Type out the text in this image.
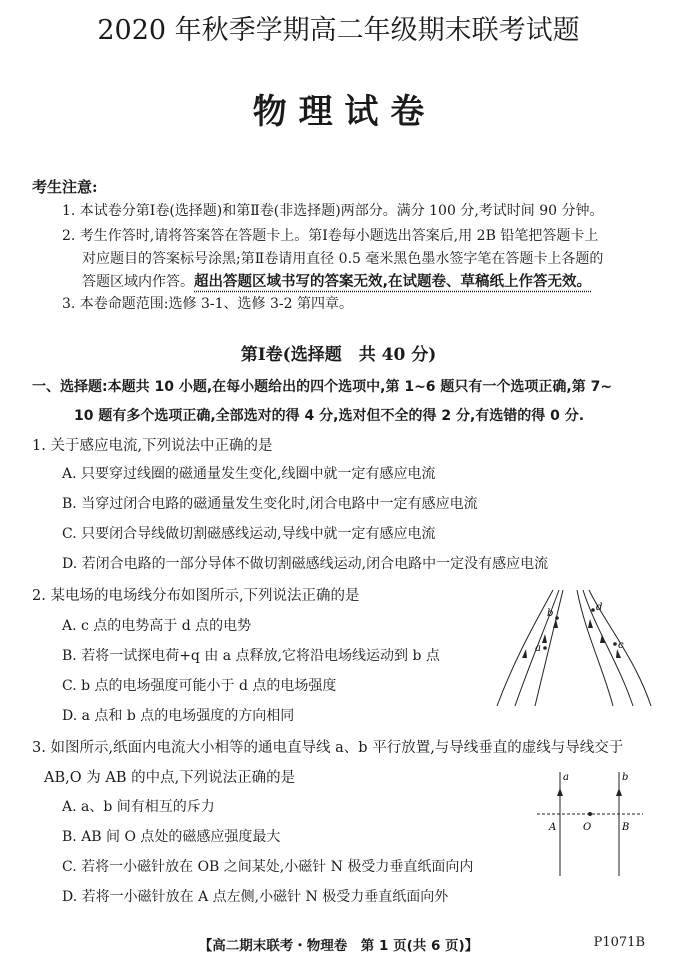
2020 年秋季学期高二年级期末联考试题
物 理 试 卷
考生注意:
1. 本试卷分第Ⅰ卷(选择题)和第Ⅱ卷(非选择题)两部分。满分 100 分,考试时间 90 分钟。
2. 考生作答时,请将答案答在答题卡上。第Ⅰ卷每小题选出答案后,用 2B 铅笔把答题卡上
对应题目的答案标号涂黑;第Ⅱ卷请用直径 0.5 毫米黑色墨水签字笔在答题卡上各题的
答题区域内作答。超出答题区域书写的答案无效,在试题卷、草稿纸上作答无效。
3. 本卷命题范围:选修 3-1、选修 3-2 第四章。
第Ⅰ卷(选择题　共 40 分)
一、选择题:本题共 10 小题,在每小题给出的四个选项中,第 1~6 题只有一个选项正确,第 7~
10 题有多个选项正确,全部选对的得 4 分,选对但不全的得 2 分,有选错的得 0 分.
1. 关于感应电流,下列说法中正确的是
A. 只要穿过线圈的磁通量发生变化,线圈中就一定有感应电流
B. 当穿过闭合电路的磁通量发生变化时,闭合电路中一定有感应电流
C. 只要闭合导线做切割磁感线运动,导线中就一定有感应电流
D. 若闭合电路的一部分导体不做切割磁感线运动,闭合电路中一定没有感应电流
2. 某电场的电场线分布如图所示,下列说法正确的是
A. c 点的电势高于 d 点的电势
B. 若将一试探电荷+q 由 a 点释放,它将沿电场线运动到 b 点
C. b 点的电场强度可能小于 d 点的电场强度
D. a 点和 b 点的电场强度的方向相同
b
d
a	c
3. 如图所示,纸面内电流大小相等的通电直导线 a、b 平行放置,与导线垂直的虚线与导线交于
AB,O 为 AB 的中点,下列说法正确的是
A. a、b 间有相互的斥力
B. AB 间 O 点处的磁感应强度最大
C. 若将一小磁针放在 OB 之间某处,小磁针 N 极受力垂直纸面向内
D. 若将一小磁针放在 A 点左侧,小磁针 N 极受力垂直纸面向外
a	b
A	O	B
【高二期末联考・物理卷　第 1 页(共 6 页)】	P1071B
